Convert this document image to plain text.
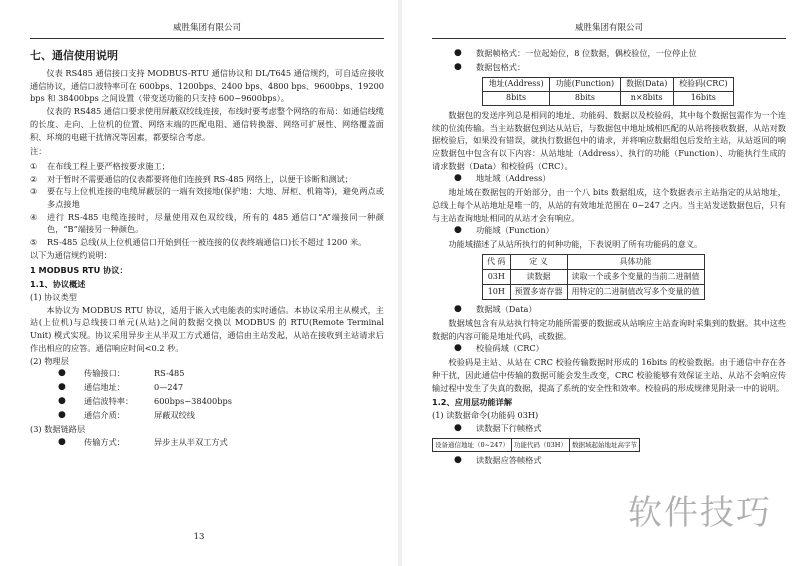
威胜集团有限公司
七、通信使用说明

仪表 RS485 通信接口支持 MODBUS-RTU 通信协议和 DL/T645 通信规约，可自适应接收通信协议，通信口波特率可在 600bps、1200bps、2400 bps、4800 bps、9600bps、19200 bps 和 38400bps 之间设置（带变送功能的只支持 600~9600bps）。

仪表的 RS485 通信口要求使用屏蔽双绞线连接，布线时要考虑整个网络的布局：如通信线缆的长度、走向、上位机的位置、网络末端的匹配电阻、通信转换器、网络可扩展性、网络覆盖面积、环境的电磁干扰情况等因素，都要综合考虑。

注：
①	在布线工程上要严格按要求施工；
②	对于暂时不需要通信的仪表都要将他们连接到 RS-485 网络上，以便于诊断和测试；
③	要在与上位机连接的电缆屏蔽层的一端有效接地(保护地：大地、屏柜、机箱等)，避免两点或多点接地
④	进行 RS-485 电缆连接时，尽量使用双色双绞线，所有的 485 通信口“A”端接同一种颜色，“B”端接另一种颜色。
⑤	RS-485 总线(从上位机通信口开始到任一被连接的仪表终端通信口)长不超过 1200 米。
以下为通信规约说明：
1 MODBUS RTU 协议：
1.1、协议概述
(1) 协议类型

本协议为 MODBUS RTU 协议，适用于嵌入式电能表的实时通信。本协议采用主从模式，主站(上位机)与总线接口单元(从站)之间的数据交换以 MODBUS 的 RTU(Remote Terminal Unit) 模式实现。协议采用异步主从半双工方式通信，通信由主站发起，从站在接收到主站请求后作出相应的应答。通信响应时间<0.2 秒。

(2) 物理层
●	传输接口：	RS-485
●	通信地址：	0—247
●	通信波特率：	600bps~38400bps
●	通信介质：	屏蔽双绞线
(3) 数据链路层
●	传输方式：	异步主从半双工方式
13
威胜集团有限公司
●	数据帧格式：一位起始位，8 位数据，偶校验位，一位停止位
●	数据包格式：
地址(Address)	功能(Function)	数据(Data)	校验码(CRC)
8bits	8bits	n×8bits	16bits

数据包的发送序列总是相同的地址、功能码、数据以及校验码，其中每个数据包需作为一个连续的位流传输。当主站数据包到达从站后，与数据包中地址域相匹配的从站将接收数据，从站对数据校验后，如果没有错误，就执行数据包中的请求，并将响应数据组包后发给主站，从站返回的响应数据包中包含有以下内容：从站地址（Address）、执行的功能（Function）、功能执行生成的请求数据（Data）和校验码（CRC）。

●	地址域（Address）

地址域在数据包的开始部分，由一个八 bits 数据组成，这个数据表示主站指定的从站地址，总线上每个从站地址是唯一的，从站的有效地址范围在 0~247 之内。当主站发送数据包后，只有与主站查询地址相同的从站才会有响应。

●	功能域（Function）

功能域描述了从站所执行的何种功能，下表说明了所有功能码的意义。

代 码	定 义	具体功能
03H	读数据	读取一个或多个变量的当前二进制值
10H	预置多寄存器	用特定的二进制值改写多个变量的值
●	数据域（Data）

数据域包含有从站执行特定功能所需要的数据或从站响应主站查询时采集到的数据。其中这些数据的内容可能是地址代码，或数据。

●	校验码域（CRC）

校验码是主站、从站在 CRC 校验传输数据时形成的 16bits 的校验数据。由于通信中存在各种干扰，因此通信中传输的数据可能会发生改变，CRC 校验能够有效保证主站、从站不会响应传输过程中发生了失真的数据，提高了系统的安全性和效率。校验码的形成规律见附录一中的说明。

1.2、应用层功能详解
(1) 读数据命令(功能码 03H)
●	读数据下行帧格式
设备通信地址（0~247）	功能代码（03H）	数据域起始地址高字节
●	读数据应答帧格式
软件技巧
